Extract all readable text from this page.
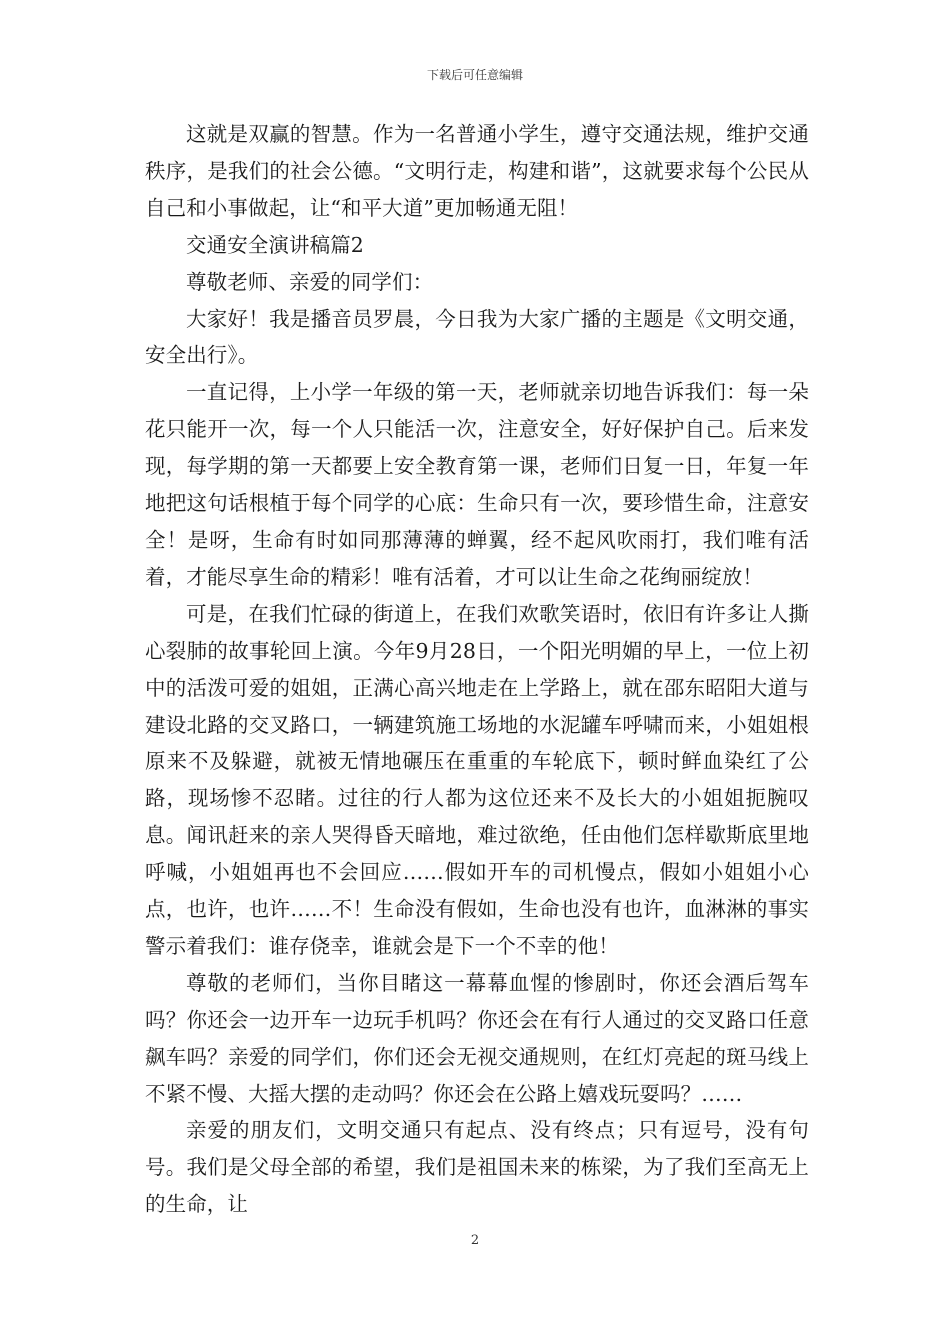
下载后可任意编辑

这就是双赢的智慧。作为一名普通小学生，遵守交通法规，维护交通秩序，是我们的社会公德。“文明行走，构建和谐”，这就要求每个公民从自己和小事做起，让“和平大道”更加畅通无阻！

交通安全演讲稿篇2

尊敬老师、亲爱的同学们：

大家好！我是播音员罗晨，今日我为大家广播的主题是《文明交通，安全出行》。

一直记得，上小学一年级的第一天，老师就亲切地告诉我们：每一朵花只能开一次，每一个人只能活一次，注意安全，好好保护自己。后来发现，每学期的第一天都要上安全教育第一课，老师们日复一日，年复一年地把这句话根植于每个同学的心底：生命只有一次，要珍惜生命，注意安全！是呀，生命有时如同那薄薄的蝉翼，经不起风吹雨打，我们唯有活着，才能尽享生命的精彩！唯有活着，才可以让生命之花绚丽绽放！

可是，在我们忙碌的街道上，在我们欢歌笑语时，依旧有许多让人撕心裂肺的故事轮回上演。今年9月28日，一个阳光明媚的早上，一位上初中的活泼可爱的姐姐，正满心高兴地走在上学路上，就在邵东昭阳大道与建设北路的交叉路口，一辆建筑施工场地的水泥罐车呼啸而来，小姐姐根原来不及躲避，就被无情地碾压在重重的车轮底下，顿时鲜血染红了公路，现场惨不忍睹。过往的行人都为这位还来不及长大的小姐姐扼腕叹息。闻讯赶来的亲人哭得昏天暗地，难过欲绝，任由他们怎样歇斯底里地呼喊，小姐姐再也不会回应……假如开车的司机慢点，假如小姐姐小心点，也许，也许……不！生命没有假如，生命也没有也许，血淋淋的事实警示着我们：谁存侥幸，谁就会是下一个不幸的他！

尊敬的老师们，当你目睹这一幕幕血惺的惨剧时，你还会酒后驾车吗？你还会一边开车一边玩手机吗？你还会在有行人通过的交叉路口任意飙车吗？亲爱的同学们，你们还会无视交通规则，在红灯亮起的斑马线上不紧不慢、大摇大摆的走动吗？你还会在公路上嬉戏玩耍吗？……

亲爱的朋友们，文明交通只有起点、没有终点；只有逗号，没有句号。我们是父母全部的希望，我们是祖国未来的栋梁，为了我们至高无上的生命，让

2
